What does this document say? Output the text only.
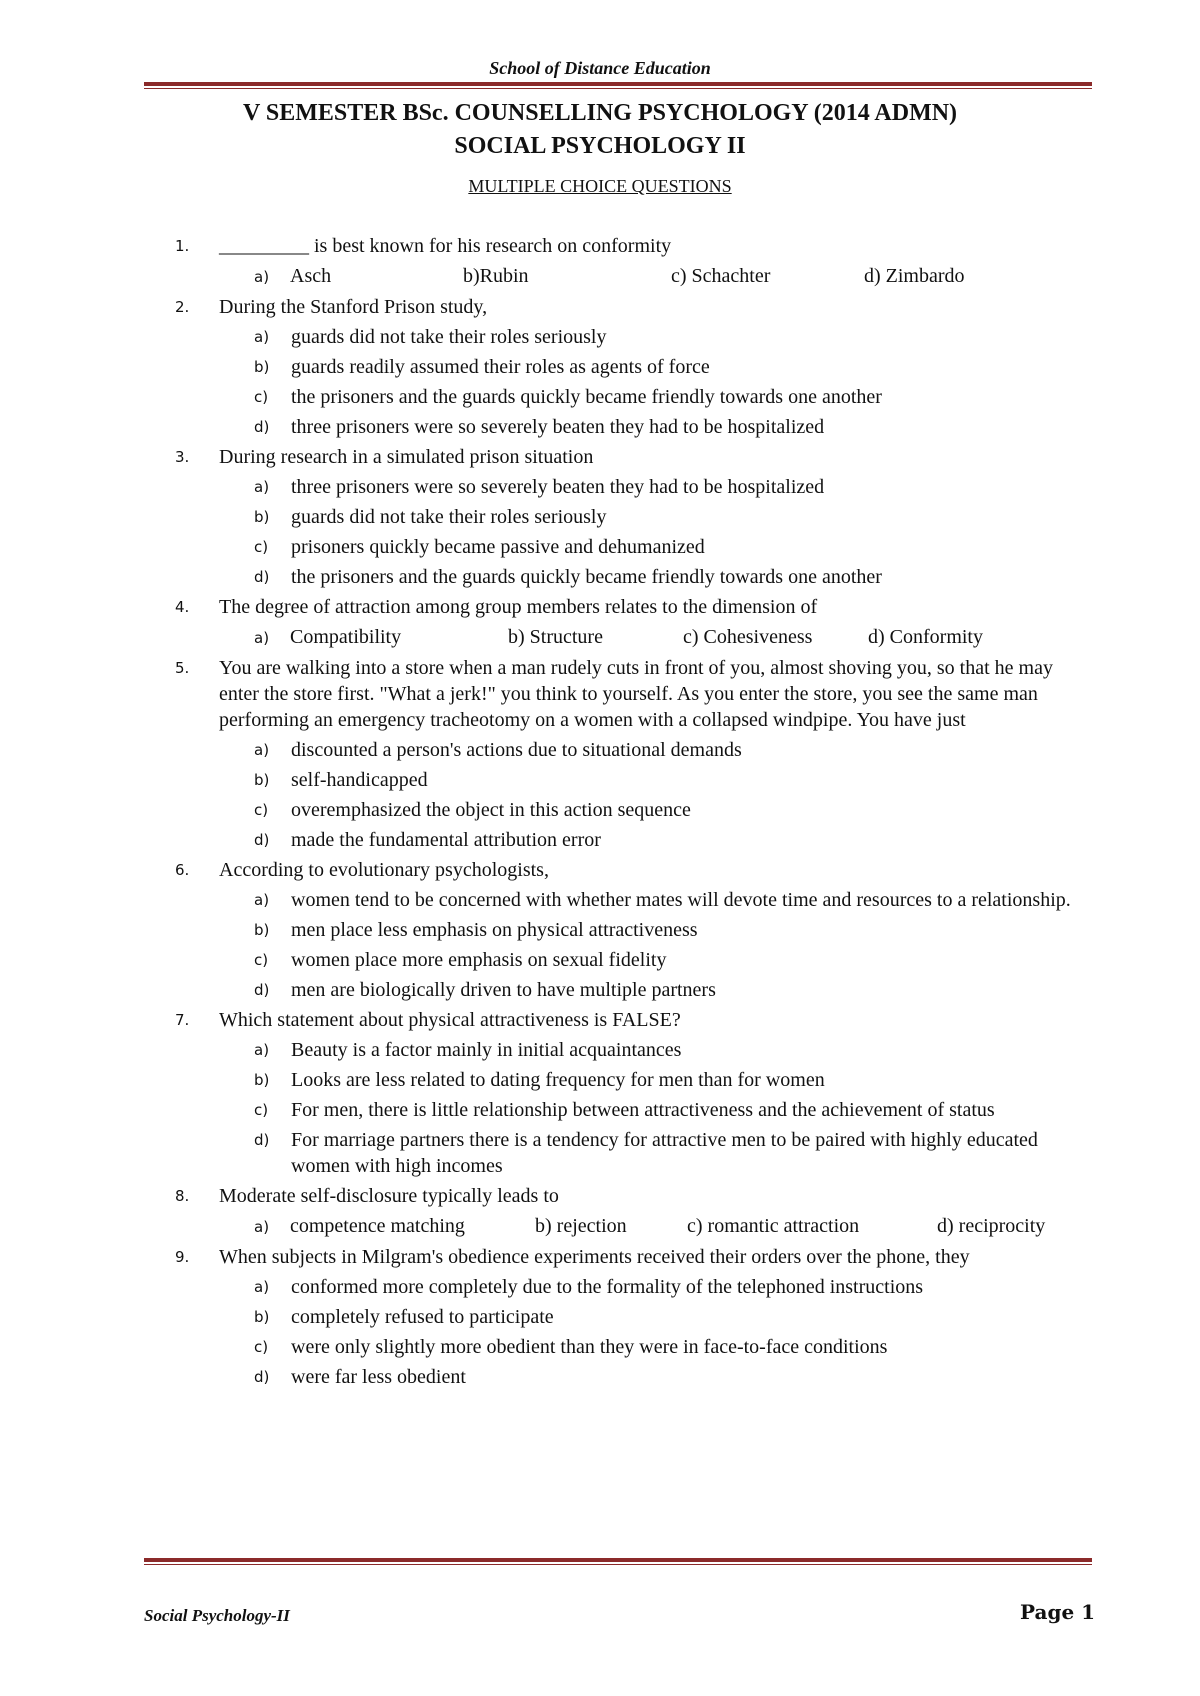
School of Distance Education
V SEMESTER BSc. COUNSELLING PSYCHOLOGY (2014 ADMN)
SOCIAL PSYCHOLOGY II
MULTIPLE CHOICE QUESTIONS
1. _________ is best known for his research on conformity
a)	Asch	b)Rubin	c) Schachter	d) Zimbardo
2. During the Stanford Prison study,
a) guards did not take their roles seriously
b) guards readily assumed their roles as agents of force
c) the prisoners and the guards quickly became friendly towards one another
d) three prisoners were so severely beaten they had to be hospitalized
3. During research in a simulated prison situation
a) three prisoners were so severely beaten they had to be hospitalized
b) guards did not take their roles seriously
c) prisoners quickly became passive and dehumanized
d) the prisoners and the guards quickly became friendly towards one another
4. The degree of attraction among group members relates to the dimension of
a)	Compatibility	b) Structure	c) Cohesiveness	d) Conformity
5. You are walking into a store when a man rudely cuts in front of you, almost shoving you, so that he may enter the store first. "What a jerk!" you think to yourself. As you enter the store, you see the same man performing an emergency tracheotomy on a women with a collapsed windpipe. You have just
a) discounted a person's actions due to situational demands
b) self-handicapped
c) overemphasized the object in this action sequence
d) made the fundamental attribution error
6. According to evolutionary psychologists,
a) women tend to be concerned with whether mates will devote time and resources to a relationship.
b) men place less emphasis on physical attractiveness
c) women place more emphasis on sexual fidelity
d) men are biologically driven to have multiple partners
7. Which statement about physical attractiveness is FALSE?
a) Beauty is a factor mainly in initial acquaintances
b) Looks are less related to dating frequency for men than for women
c) For men, there is little relationship between attractiveness and the achievement of status
d) For marriage partners there is a tendency for attractive men to be paired with highly educated women with high incomes
8. Moderate self-disclosure typically leads to
a)	competence matching	b) rejection	c) romantic attraction	d) reciprocity
9. When subjects in Milgram's obedience experiments received their orders over the phone, they
a) conformed more completely due to the formality of the telephoned instructions
b) completely refused to participate
c) were only slightly more obedient than they were in face-to-face conditions
d) were far less obedient
Social Psychology-II	Page 1
